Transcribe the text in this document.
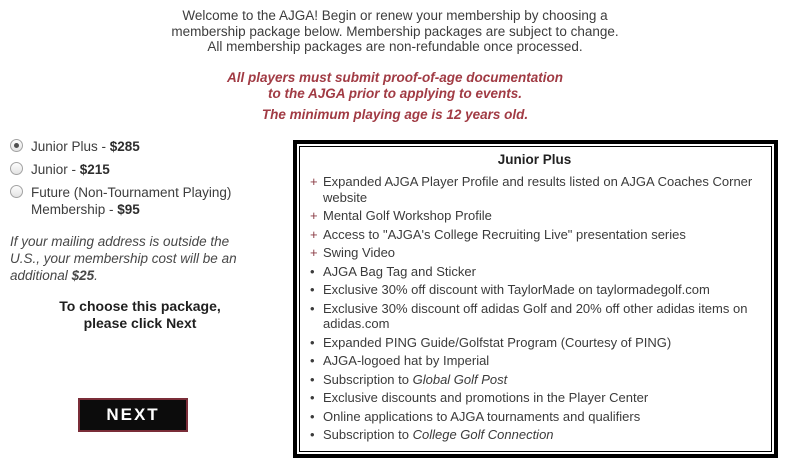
Welcome to the AJGA! Begin or renew your membership by choosing a
membership package below. Membership packages are subject to change.
All membership packages are non-refundable once processed.
All players must submit proof-of-age documentation
to the AJGA prior to applying to events.
The minimum playing age is 12 years old.
Junior Plus - $285
Junior - $215
Future (Non-Tournament Playing) Membership - $95
If your mailing address is outside the U.S., your membership cost will be an additional $25.
To choose this package,
please click Next
NEXT
Junior Plus
+ Expanded AJGA Player Profile and results listed on AJGA Coaches Corner website
+ Mental Golf Workshop Profile
+ Access to "AJGA's College Recruiting Live" presentation series
+ Swing Video
• AJGA Bag Tag and Sticker
• Exclusive 30% off discount with TaylorMade on taylormadegolf.com
• Exclusive 30% discount off adidas Golf and 20% off other adidas items on adidas.com
• Expanded PING Guide/Golfstat Program (Courtesy of PING)
• AJGA-logoed hat by Imperial
• Subscription to Global Golf Post
• Exclusive discounts and promotions in the Player Center
• Online applications to AJGA tournaments and qualifiers
• Subscription to College Golf Connection
